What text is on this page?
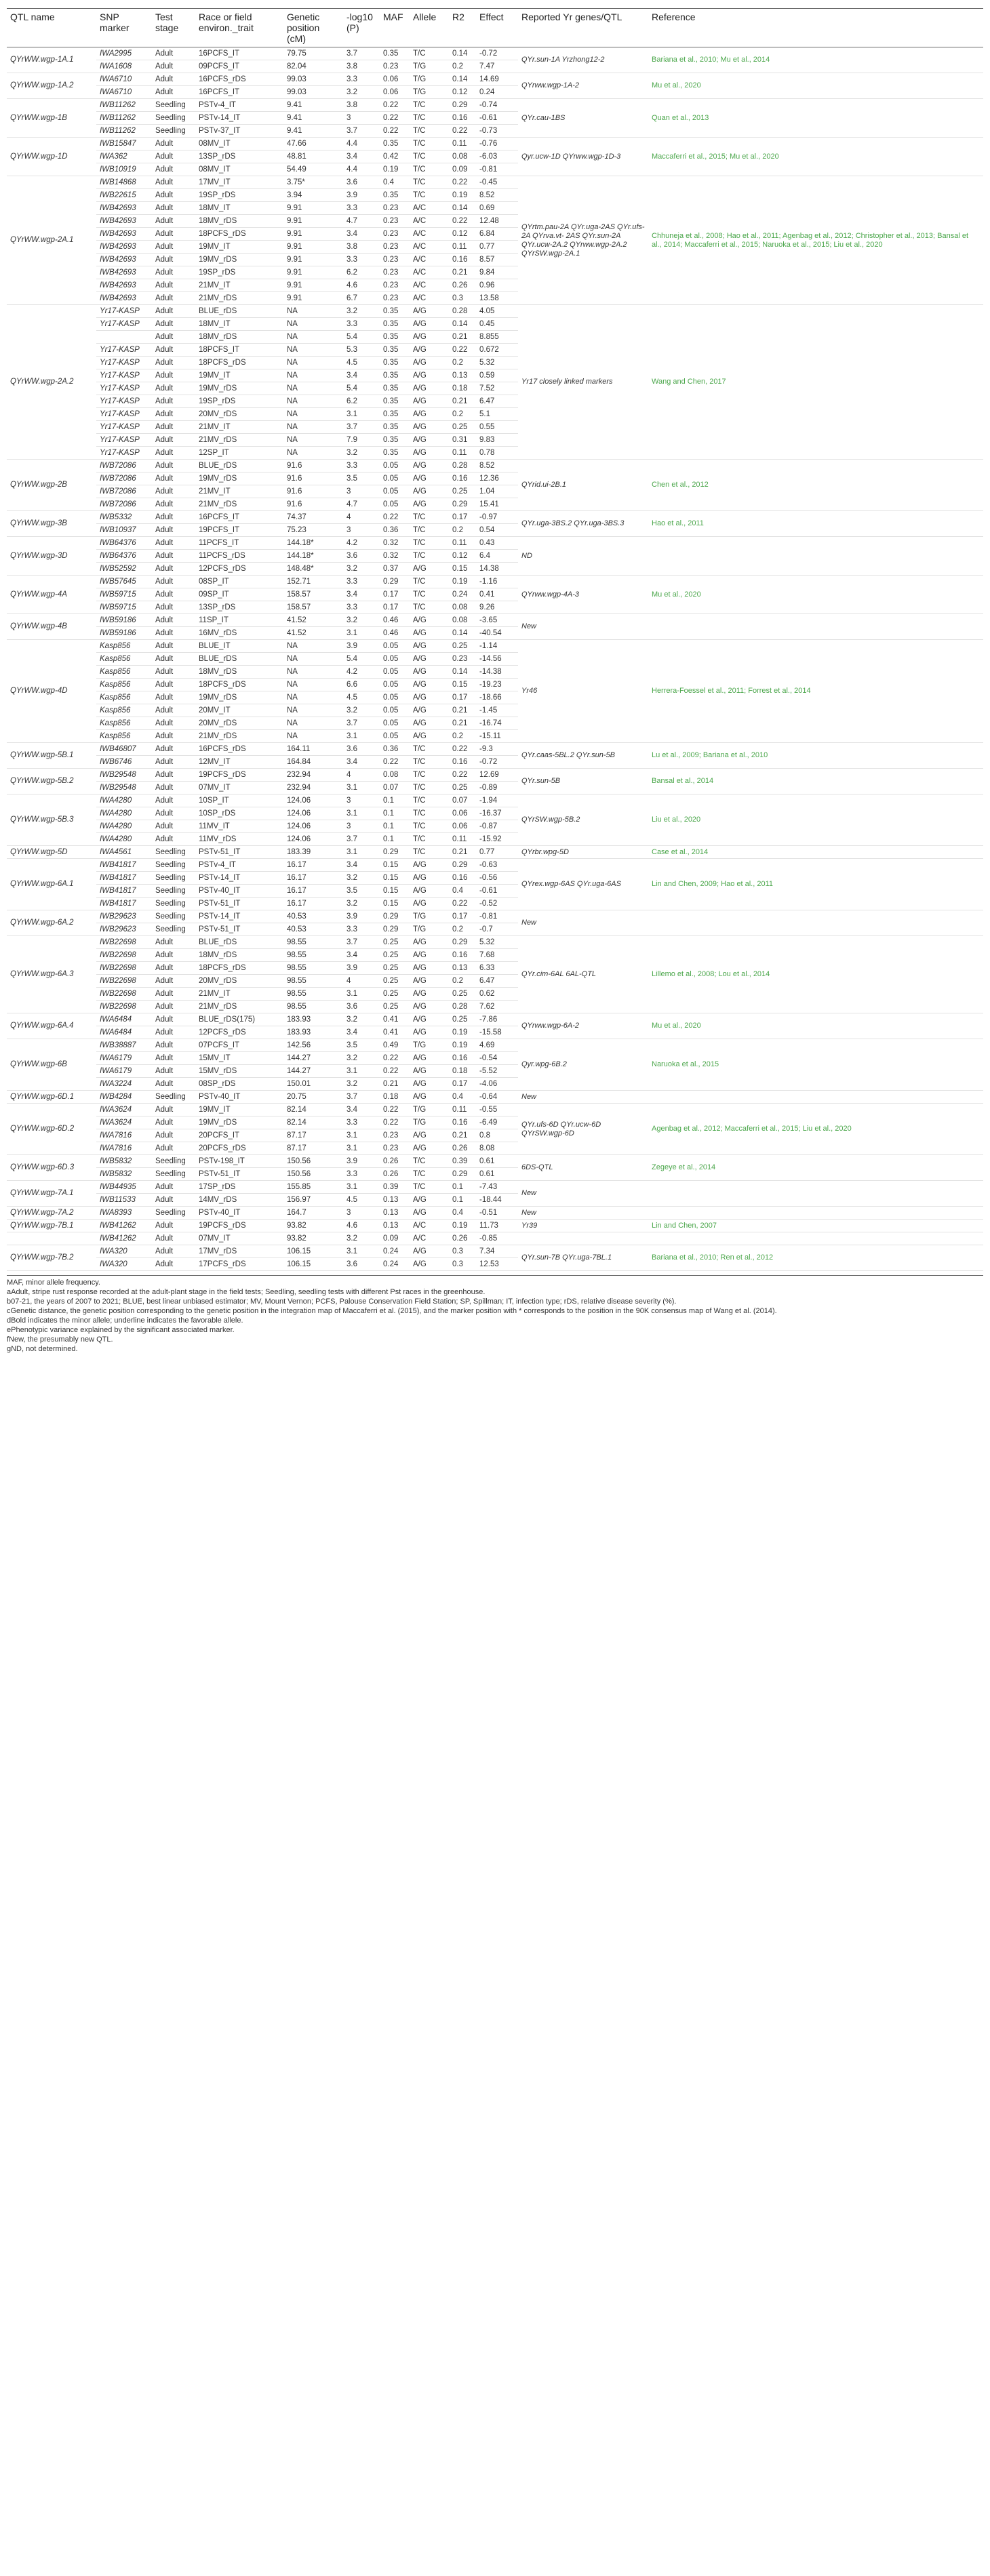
QTL name	SNP marker	Test stage	Race or field environ._trait	Genetic position (cM)	-log10 (P)	MAF	Allele	R2	Effect	Reported Yr genes/QTL	Reference
QYrWW.wgp-1A.1	IWA2995	Adult	16PCFS_IT	79.75	3.7	0.35	T/C	0.14	-0.72	QYr.sun-1A Yrzhong12-2	Bariana et al., 2010; Mu et al., 2014
	IWA1608	Adult	09PCFS_IT	82.04	3.8	0.23	T/G	0.2	7.47		
QYrWW.wgp-1A.2	IWA6710	Adult	16PCFS_rDS	99.03	3.3	0.06	T/G	0.14	14.69	QYrww.wgp-1A-2	Mu et al., 2020
	IWA6710	Adult	16PCFS_IT	99.03	3.2	0.06	T/G	0.12	0.24		
QYrWW.wgp-1B	IWB11262	Seedling	PSTv-4_IT	9.41	3.8	0.22	T/C	0.29	-0.74	QYr.cau-1BS	Quan et al., 2013
	IWB11262	Seedling	PSTv-14_IT	9.41	3	0.22	T/C	0.16	-0.61		
	IWB11262	Seedling	PSTv-37_IT	9.41	3.7	0.22	T/C	0.22	-0.73		
QYrWW.wgp-1D	IWB15847	Adult	08MV_IT	47.66	4.4	0.35	T/C	0.11	-0.76	Qyr.ucw-1D QYrww.wgp-1D-3	Maccaferri et al., 2015; Mu et al., 2020
	IWA362	Adult	13SP_rDS	48.81	3.4	0.42	T/C	0.08	-6.03		
	IWB10919	Adult	08MV_IT	54.49	4.4	0.19	T/C	0.09	-0.81		
QYrWW.wgp-2A.1	IWB14868	Adult	17MV_IT	3.75*	3.6	0.4	T/C	0.22	-0.45	QYrtm.pau-2A QYr.uga-2AS QYr.ufs-2A QYrva.vt- 2AS QYr.sun-2A QYr.ucw-2A.2 QYrww.wgp-2A.2 QYrSW.wgp-2A.1	Chhuneja et al., 2008; Hao et al., 2011; Agenbag et al., 2012; Christopher et al., 2013; Bansal et al., 2014; Maccaferri et al., 2015; Naruoka et al., 2015; Liu et al., 2020
	IWB22615	Adult	19SP_rDS	3.94	3.9	0.35	T/C	0.19	8.52		
	IWB42693	Adult	18MV_IT	9.91	3.3	0.23	A/C	0.14	0.69		
	IWB42693	Adult	18MV_rDS	9.91	4.7	0.23	A/C	0.22	12.48		
	IWB42693	Adult	18PCFS_rDS	9.91	3.4	0.23	A/C	0.12	6.84		
	IWB42693	Adult	19MV_IT	9.91	3.8	0.23	A/C	0.11	0.77		
	IWB42693	Adult	19MV_rDS	9.91	3.3	0.23	A/C	0.16	8.57		
	IWB42693	Adult	19SP_rDS	9.91	6.2	0.23	A/C	0.21	9.84		
	IWB42693	Adult	21MV_IT	9.91	4.6	0.23	A/C	0.26	0.96		
	IWB42693	Adult	21MV_rDS	9.91	6.7	0.23	A/C	0.3	13.58		
QYrWW.wgp-2A.2	Yr17-KASP	Adult	BLUE_rDS	NA	3.2	0.35	A/G	0.28	4.05	Yr17 closely linked markers	Wang and Chen, 2017
	Yr17-KASP	Adult	18MV_IT	NA	3.3	0.35	A/G	0.14	0.45		
		Adult	18MV_rDS	NA	5.4	0.35	A/G	0.21	8.855		
	Yr17-KASP	Adult	18PCFS_IT	NA	5.3	0.35	A/G	0.22	0.672		
	Yr17-KASP	Adult	18PCFS_rDS	NA	4.5	0.35	A/G	0.2	5.32		
	Yr17-KASP	Adult	19MV_IT	NA	3.4	0.35	A/G	0.13	0.59		
	Yr17-KASP	Adult	19MV_rDS	NA	5.4	0.35	A/G	0.18	7.52		
	Yr17-KASP	Adult	19SP_rDS	NA	6.2	0.35	A/G	0.21	6.47		
	Yr17-KASP	Adult	20MV_rDS	NA	3.1	0.35	A/G	0.2	5.1		
	Yr17-KASP	Adult	21MV_IT	NA	3.7	0.35	A/G	0.25	0.55		
	Yr17-KASP	Adult	21MV_rDS	NA	7.9	0.35	A/G	0.31	9.83		
	Yr17-KASP	Adult	12SP_IT	NA	3.2	0.35	A/G	0.11	0.78		
QYrWW.wgp-2B	IWB72086	Adult	BLUE_rDS	91.6	3.3	0.05	A/G	0.28	8.52	QYrid.ui-2B.1	Chen et al., 2012
	IWB72086	Adult	19MV_rDS	91.6	3.5	0.05	A/G	0.16	12.36		
	IWB72086	Adult	21MV_IT	91.6	3	0.05	A/G	0.25	1.04		
	IWB72086	Adult	21MV_rDS	91.6	4.7	0.05	A/G	0.29	15.41		
QYrWW.wgp-3B	IWB5332	Adult	16PCFS_IT	74.37	4	0.22	T/C	0.17	-0.97	QYr.uga-3BS.2 QYr.uga-3BS.3	Hao et al., 2011
	IWB10937	Adult	19PCFS_IT	75.23	3	0.36	T/C	0.2	0.54		
QYrWW.wgp-3D	IWB64376	Adult	11PCFS_IT	144.18*	4.2	0.32	T/C	0.11	0.43	ND	
	IWB64376	Adult	11PCFS_rDS	144.18*	3.6	0.32	T/C	0.12	6.4		
	IWB52592	Adult	12PCFS_rDS	148.48*	3.2	0.37	A/G	0.15	14.38		
QYrWW.wgp-4A	IWB57645	Adult	08SP_IT	152.71	3.3	0.29	T/C	0.19	-1.16	QYrww.wgp-4A-3	Mu et al., 2020
	IWB59715	Adult	09SP_IT	158.57	3.4	0.17	T/C	0.24	0.41		
	IWB59715	Adult	13SP_rDS	158.57	3.3	0.17	T/C	0.08	9.26		
QYrWW.wgp-4B	IWB59186	Adult	11SP_IT	41.52	3.2	0.46	A/G	0.08	-3.65	New	
	IWB59186	Adult	16MV_rDS	41.52	3.1	0.46	A/G	0.14	-40.54		
QYrWW.wgp-4D	Kasp856	Adult	BLUE_IT	NA	3.9	0.05	A/G	0.25	-1.14	Yr46	Herrera-Foessel et al., 2011; Forrest et al., 2014
	Kasp856	Adult	BLUE_rDS	NA	5.4	0.05	A/G	0.23	-14.56		
	Kasp856	Adult	18MV_rDS	NA	4.2	0.05	A/G	0.14	-14.38		
	Kasp856	Adult	18PCFS_rDS	NA	6.6	0.05	A/G	0.15	-19.23		
	Kasp856	Adult	19MV_rDS	NA	4.5	0.05	A/G	0.17	-18.66		
	Kasp856	Adult	20MV_IT	NA	3.2	0.05	A/G	0.21	-1.45		
	Kasp856	Adult	20MV_rDS	NA	3.7	0.05	A/G	0.21	-16.74		
	Kasp856	Adult	21MV_rDS	NA	3.1	0.05	A/G	0.2	-15.11		
QYrWW.wgp-5B.1	IWB46807	Adult	16PCFS_rDS	164.11	3.6	0.36	T/C	0.22	-9.3	QYr.caas-5BL.2 QYr.sun-5B	Lu et al., 2009; Bariana et al., 2010
	IWB6746	Adult	12MV_IT	164.84	3.4	0.22	T/C	0.16	-0.72		
QYrWW.wgp-5B.2	IWB29548	Adult	19PCFS_rDS	232.94	4	0.08	T/C	0.22	12.69	QYr.sun-5B	Bansal et al., 2014
	IWB29548	Adult	07MV_IT	232.94	3.1	0.07	T/C	0.25	-0.89		
QYrWW.wgp-5B.3	IWA4280	Adult	10SP_IT	124.06	3	0.1	T/C	0.07	-1.94	QYrSW.wgp-5B.2	Liu et al., 2020
	IWA4280	Adult	10SP_rDS	124.06	3.1	0.1	T/C	0.06	-16.37		
	IWA4280	Adult	11MV_IT	124.06	3	0.1	T/C	0.06	-0.87		
	IWA4280	Adult	11MV_rDS	124.06	3.7	0.1	T/C	0.11	-15.92		
QYrWW.wgp-5D	IWA4561	Seedling	PSTv-51_IT	183.39	3.1	0.29	T/C	0.21	0.77	QYrbr.wpg-5D	Case et al., 2014
QYrWW.wgp-6A.1	IWB41817	Seedling	PSTv-4_IT	16.17	3.4	0.15	A/G	0.29	-0.63	QYrex.wgp-6AS QYr.uga-6AS	Lin and Chen, 2009; Hao et al., 2011
	IWB41817	Seedling	PSTv-14_IT	16.17	3.2	0.15	A/G	0.16	-0.56		
	IWB41817	Seedling	PSTv-40_IT	16.17	3.5	0.15	A/G	0.4	-0.61		
	IWB41817	Seedling	PSTv-51_IT	16.17	3.2	0.15	A/G	0.22	-0.52		
QYrWW.wgp-6A.2	IWB29623	Seedling	PSTv-14_IT	40.53	3.9	0.29	T/G	0.17	-0.81	New	
	IWB29623	Seedling	PSTv-51_IT	40.53	3.3	0.29	T/G	0.2	-0.7		
QYrWW.wgp-6A.3	IWB22698	Adult	BLUE_rDS	98.55	3.7	0.25	A/G	0.29	5.32	QYr.cim-6AL 6AL-QTL	Lillemo et al., 2008; Lou et al., 2014
	IWB22698	Adult	18MV_rDS	98.55	3.4	0.25	A/G	0.16	7.68		
	IWB22698	Adult	18PCFS_rDS	98.55	3.9	0.25	A/G	0.13	6.33		
	IWB22698	Adult	20MV_rDS	98.55	4	0.25	A/G	0.2	6.47		
	IWB22698	Adult	21MV_IT	98.55	3.1	0.25	A/G	0.25	0.62		
	IWB22698	Adult	21MV_rDS	98.55	3.6	0.25	A/G	0.28	7.62		
QYrWW.wgp-6A.4	IWA6484	Adult	BLUE_rDS(175)	183.93	3.2	0.41	A/G	0.25	-7.86	QYrww.wgp-6A-2	Mu et al., 2020
	IWA6484	Adult	12PCFS_rDS	183.93	3.4	0.41	A/G	0.19	-15.58		
QYrWW.wgp-6B	IWB38887	Adult	07PCFS_IT	142.56	3.5	0.49	T/G	0.19	4.69	Qyr.wpg-6B.2	Naruoka et al., 2015
	IWA6179	Adult	15MV_IT	144.27	3.2	0.22	A/G	0.16	-0.54		
	IWA6179	Adult	15MV_rDS	144.27	3.1	0.22	A/G	0.18	-5.52		
	IWA3224	Adult	08SP_rDS	150.01	3.2	0.21	A/G	0.17	-4.06		
QYrWW.wgp-6D.1	IWB4284	Seedling	PSTv-40_IT	20.75	3.7	0.18	A/G	0.4	-0.64	New	
QYrWW.wgp-6D.2	IWA3624	Adult	19MV_IT	82.14	3.4	0.22	T/G	0.11	-0.55	QYr.ufs-6D QYr.ucw-6D QYrSW.wgp-6D	Agenbag et al., 2012; Maccaferri et al., 2015; Liu et al., 2020
	IWA3624	Adult	19MV_rDS	82.14	3.3	0.22	T/G	0.16	-6.49		
	IWA7816	Adult	20PCFS_IT	87.17	3.1	0.23	A/G	0.21	0.8		
	IWA7816	Adult	20PCFS_rDS	87.17	3.1	0.23	A/G	0.26	8.08		
QYrWW.wgp-6D.3	IWB5832	Seedling	PSTv-198_IT	150.56	3.9	0.26	T/C	0.39	0.61	6DS-QTL	Zegeye et al., 2014
	IWB5832	Seedling	PSTv-51_IT	150.56	3.3	0.26	T/C	0.29	0.61		
QYrWW.wgp-7A.1	IWB44935	Adult	17SP_rDS	155.85	3.1	0.39	T/C	0.1	-7.43	New	
	IWB11533	Adult	14MV_rDS	156.97	4.5	0.13	A/G	0.1	-18.44		
QYrWW.wgp-7A.2	IWA8393	Seedling	PSTv-40_IT	164.7	3	0.13	A/G	0.4	-0.51	New	
QYrWW.wgp-7B.1	IWB41262	Adult	19PCFS_rDS	93.82	4.6	0.13	A/C	0.19	11.73	Yr39	Lin and Chen, 2007
	IWB41262	Adult	07MV_IT	93.82	3.2	0.09	A/C	0.26	-0.85		
QYrWW.wgp-7B.2	IWA320	Adult	17MV_rDS	106.15	3.1	0.24	A/G	0.3	7.34	QYr.sun-7B QYr.uga-7BL.1	Bariana et al., 2010; Ren et al., 2012
	IWA320	Adult	17PCFS_rDS	106.15	3.6	0.24	A/G	0.3	12.53		
MAF, minor allele frequency.
aAdult, stripe rust response recorded at the adult-plant stage in the field tests; Seedling, seedling tests with different Pst races in the greenhouse.
b07-21, the years of 2007 to 2021; BLUE, best linear unbiased estimator; MV, Mount Vernon; PCFS, Palouse Conservation Field Station; SP, Spillman; IT, infection type; rDS, relative disease severity (%).
cGenetic distance, the genetic position corresponding to the genetic position in the integration map of Maccaferri et al. (2015), and the marker position with * corresponds to the position in the 90K consensus map of Wang et al. (2014).
dBold indicates the minor allele; underline indicates the favorable allele.
ePhenotypic variance explained by the significant associated marker.
fNew, the presumably new QTL.
gND, not determined.
